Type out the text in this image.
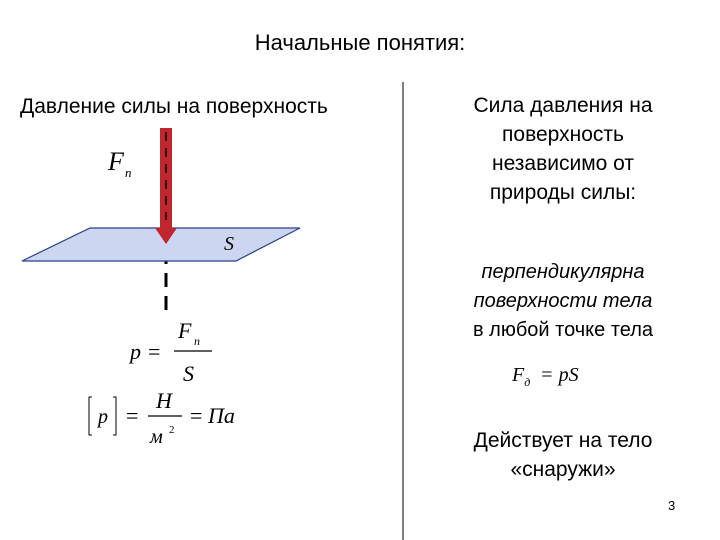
Начальные понятия:
Давление силы на поверхность
F n
S
p =
F n
S
p =
Н
м 2
= Па
Сила давления на
поверхность
независимо от
природы силы:
перпендикулярна
поверхности тела
в любой точке тела
$F_д$ = pS
Действует на тело
«снаружи»
3
